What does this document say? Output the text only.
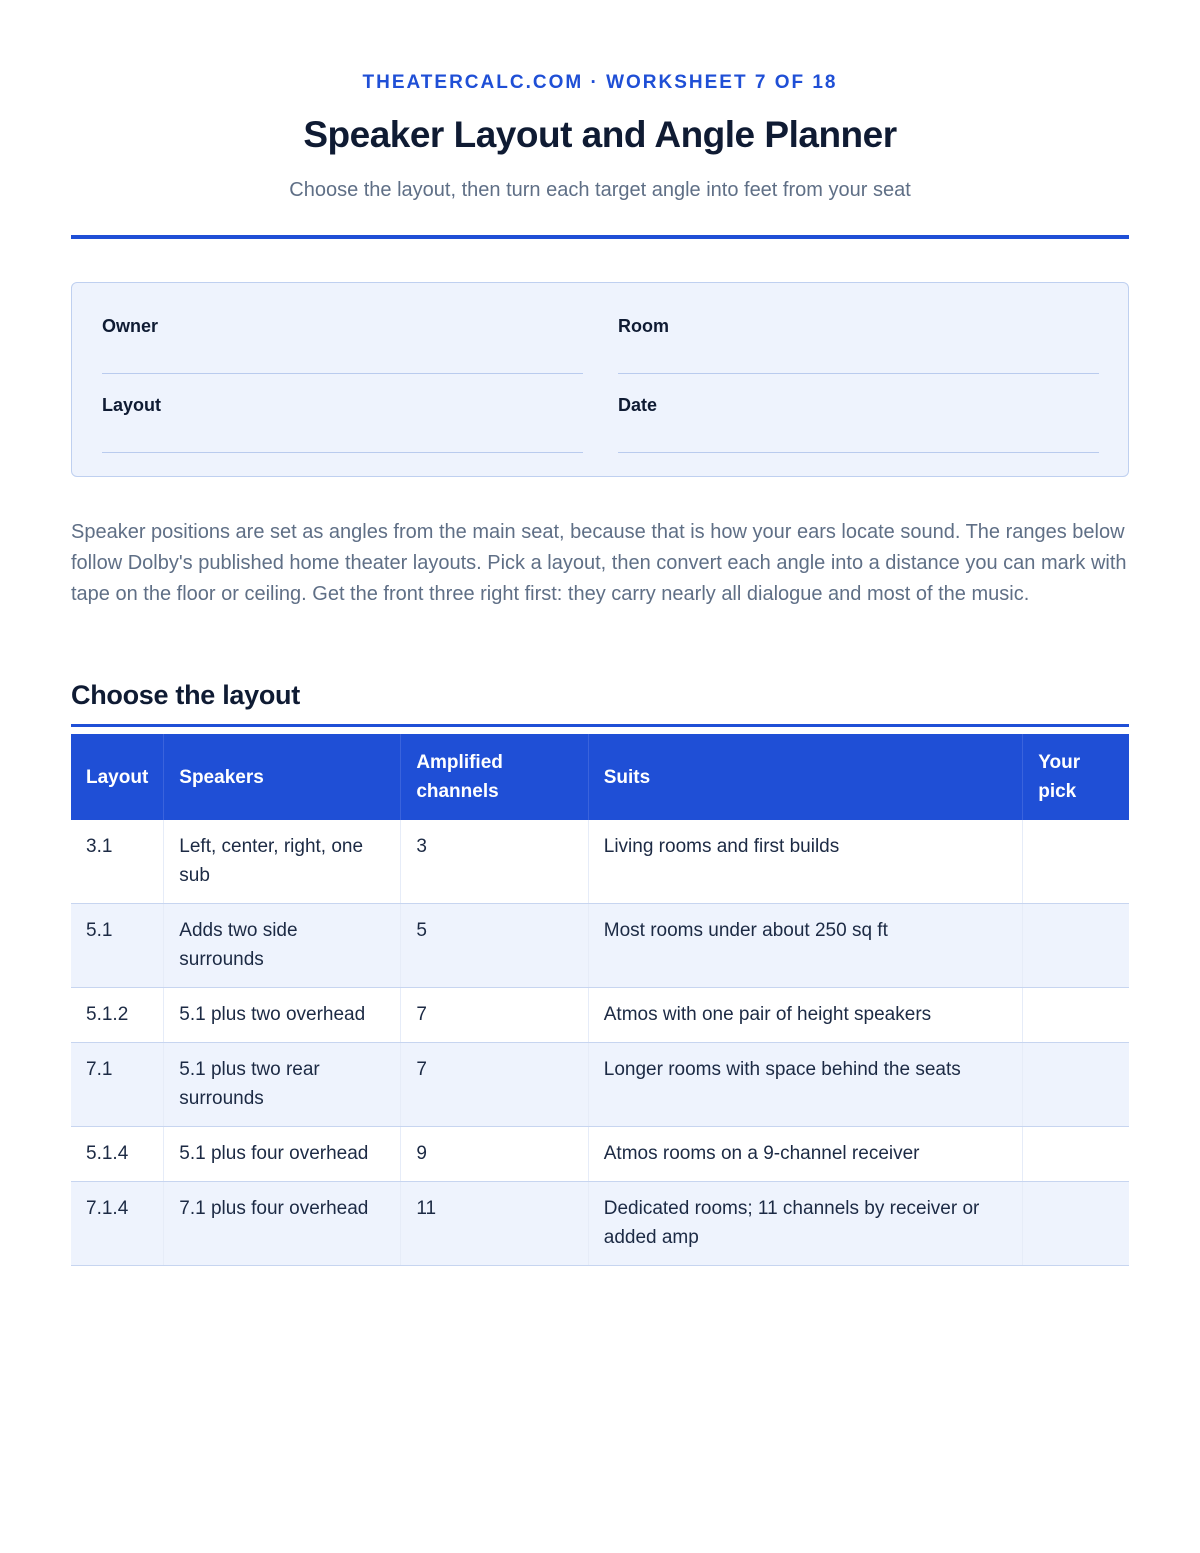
THEATERCALC.COM · WORKSHEET 7 OF 18
Speaker Layout and Angle Planner
Choose the layout, then turn each target angle into feet from your seat
Owner	Room
Layout	Date
Speaker positions are set as angles from the main seat, because that is how your ears locate sound. The ranges below follow Dolby's published home theater layouts. Pick a layout, then convert each angle into a distance you can mark with tape on the floor or ceiling. Get the front three right first: they carry nearly all dialogue and most of the music.
Choose the layout
Layout	Speakers	Amplified channels	Suits	Your pick
3.1	Left, center, right, one sub	3	Living rooms and first builds	
5.1	Adds two side surrounds	5	Most rooms under about 250 sq ft	
5.1.2	5.1 plus two overhead	7	Atmos with one pair of height speakers	
7.1	5.1 plus two rear surrounds	7	Longer rooms with space behind the seats	
5.1.4	5.1 plus four overhead	9	Atmos rooms on a 9-channel receiver	
7.1.4	7.1 plus four overhead	11	Dedicated rooms; 11 channels by receiver or added amp	
